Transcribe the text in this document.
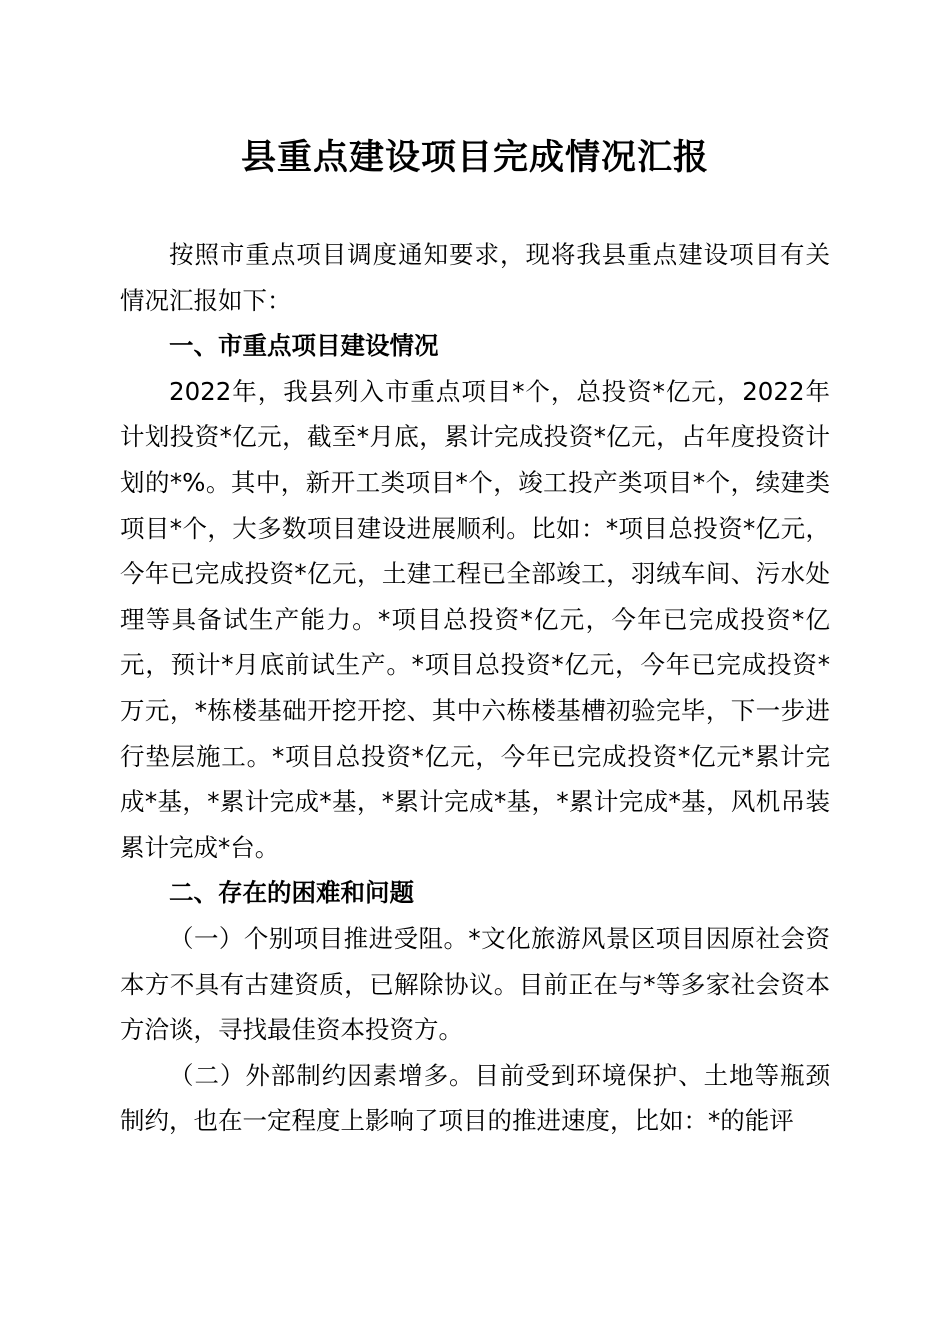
县重点建设项目完成情况汇报

按照市重点项目调度通知要求，现将我县重点建设项目有关情况汇报如下：

一、市重点项目建设情况

2022年，我县列入市重点项目*个，总投资*亿元，2022年计划投资*亿元，截至*月底，累计完成投资*亿元，占年度投资计划的*%。其中，新开工类项目*个，竣工投产类项目*个，续建类项目*个，大多数项目建设进展顺利。比如：*项目总投资*亿元，今年已完成投资*亿元，土建工程已全部竣工，羽绒车间、污水处理等具备试生产能力。*项目总投资*亿元，今年已完成投资*亿元，预计*月底前试生产。*项目总投资*亿元，今年已完成投资*万元，*栋楼基础开挖开挖、其中六栋楼基槽初验完毕，下一步进行垫层施工。*项目总投资*亿元，今年已完成投资*亿元*累计完成*基，*累计完成*基，*累计完成*基，*累计完成*基，风机吊装累计完成*台。

二、存在的困难和问题

（一）个别项目推进受阻。*文化旅游风景区项目因原社会资本方不具有古建资质，已解除协议。目前正在与*等多家社会资本方洽谈，寻找最佳资本投资方。

（二）外部制约因素增多。目前受到环境保护、土地等瓶颈制约，也在一定程度上影响了项目的推进速度，比如：*的能评
